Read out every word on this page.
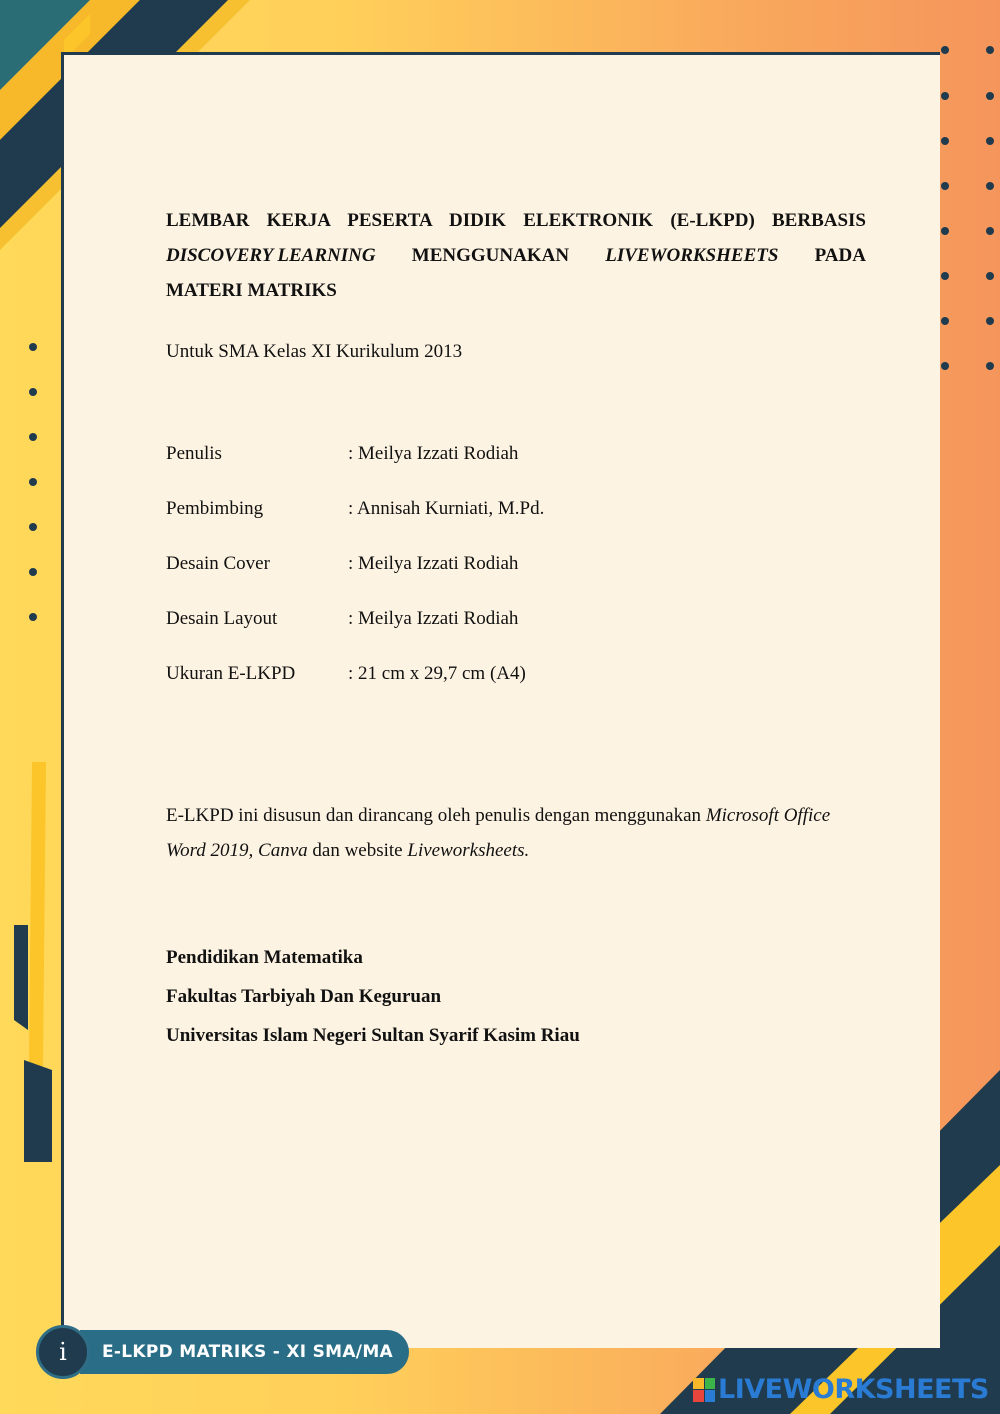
LEMBAR KERJA PESERTA DIDIK ELEKTRONIK (E-LKPD) BERBASIS
DISCOVERY LEARNING MENGGUNAKAN LIVEWORKSHEETS PADA
MATERI MATRIKS
Untuk SMA Kelas XI Kurikulum 2013
Penulis	: Meilya Izzati Rodiah
Pembimbing	: Annisah Kurniati, M.Pd.
Desain Cover	: Meilya Izzati Rodiah
Desain Layout	: Meilya Izzati Rodiah
Ukuran E-LKPD	: 21 cm x 29,7 cm (A4)
E-LKPD ini disusun dan dirancang oleh penulis dengan menggunakan Microsoft Office Word 2019, Canva dan website Liveworksheets.
Pendidikan Matematika
Fakultas Tarbiyah Dan Keguruan
Universitas Islam Negeri Sultan Syarif Kasim Riau
i	E-LKPD MATRIKS - XI SMA/MA
LIVEWORKSHEETS
